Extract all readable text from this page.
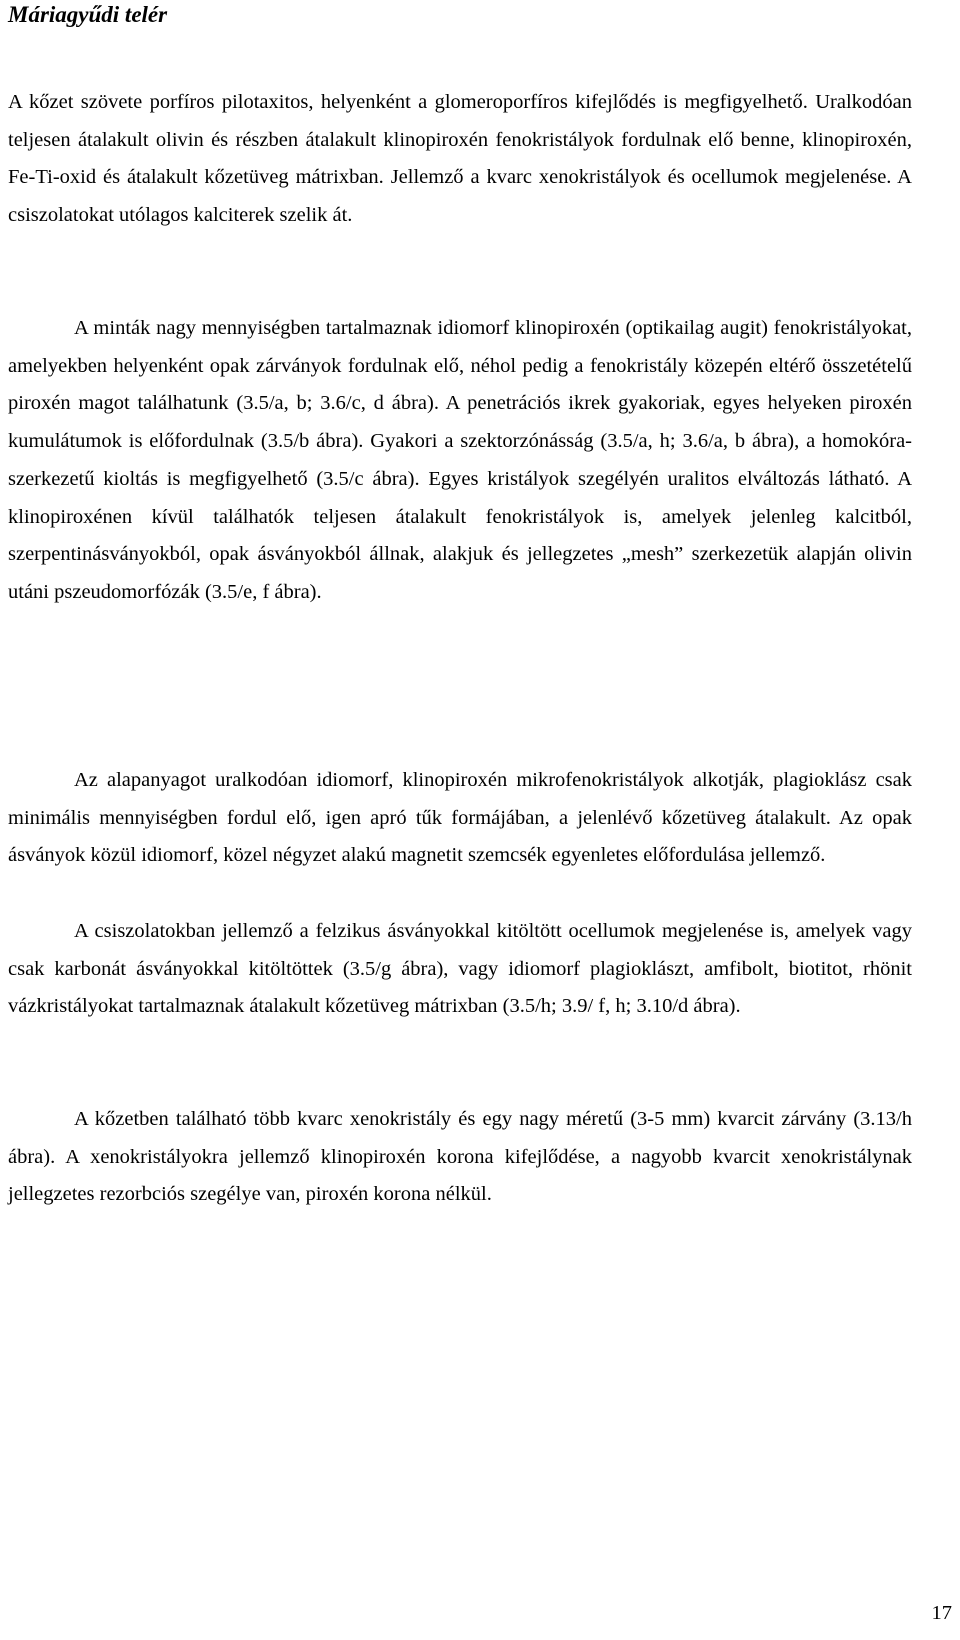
Máriagyűdi telér

A kőzet szövete porfíros pilotaxitos, helyenként a glomeroporfíros kifejlődés is megfigyelhető. Uralkodóan teljesen átalakult olivin és részben átalakult klinopiroxén fenokristályok fordulnak elő benne, klinopiroxén, Fe-Ti-oxid és átalakult kőzetüveg mátrixban. Jellemző a kvarc xenokristályok és ocellumok megjelenése. A csiszolatokat utólagos kalciterek szelik át.

A minták nagy mennyiségben tartalmaznak idiomorf klinopiroxén (optikailag augit) fenokristályokat, amelyekben helyenként opak zárványok fordulnak elő, néhol pedig a fenokristály közepén eltérő összetételű piroxén magot találhatunk (3.5/a, b; 3.6/c, d ábra). A penetrációs ikrek gyakoriak, egyes helyeken piroxén kumulátumok is előfordulnak (3.5/b ábra). Gyakori a szektorzónásság (3.5/a, h; 3.6/a, b ábra), a homokóra-szerkezetű kioltás is megfigyelhető (3.5/c ábra). Egyes kristályok szegélyén uralitos elváltozás látható. A klinopiroxénen kívül találhatók teljesen átalakult fenokristályok is, amelyek jelenleg kalcitból, szerpentinásványokból, opak ásványokból állnak, alakjuk és jellegzetes „mesh” szerkezetük alapján olivin utáni pszeudomorfózák (3.5/e, f ábra).

Az alapanyagot uralkodóan idiomorf, klinopiroxén mikrofenokristályok alkotják, plagioklász csak minimális mennyiségben fordul elő, igen apró tűk formájában, a jelenlévő kőzetüveg átalakult. Az opak ásványok közül idiomorf, közel négyzet alakú magnetit szemcsék egyenletes előfordulása jellemző.

A csiszolatokban jellemző a felzikus ásványokkal kitöltött ocellumok megjelenése is, amelyek vagy csak karbonát ásványokkal kitöltöttek (3.5/g ábra), vagy idiomorf plagioklászt, amfibolt, biotitot, rhönit vázkristályokat tartalmaznak átalakult kőzetüveg mátrixban (3.5/h; 3.9/ f, h; 3.10/d ábra).

A kőzetben található több kvarc xenokristály és egy nagy méretű (3-5 mm) kvarcit zárvány (3.13/h ábra). A xenokristályokra jellemző klinopiroxén korona kifejlődése, a nagyobb kvarcit xenokristálynak jellegzetes rezorbciós szegélye van, piroxén korona nélkül.

17
